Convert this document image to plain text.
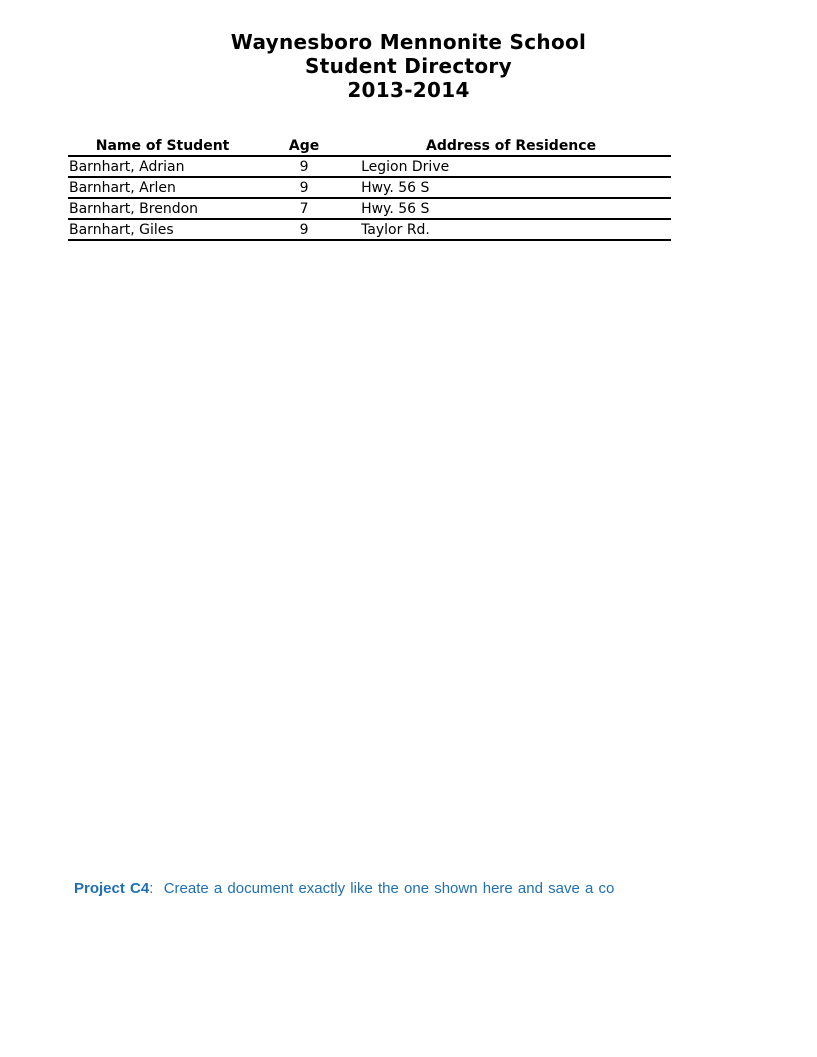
Waynesboro Mennonite School
Student Directory
2013-2014
Name of Student	Age	Address of Residence
Barnhart, Adrian	9	Legion Drive
Barnhart, Arlen	9	Hwy. 56 S
Barnhart, Brendon	7	Hwy. 56 S
Barnhart, Giles	9	Taylor Rd.
Project C4: Create a document exactly like the one shown here and save a co
